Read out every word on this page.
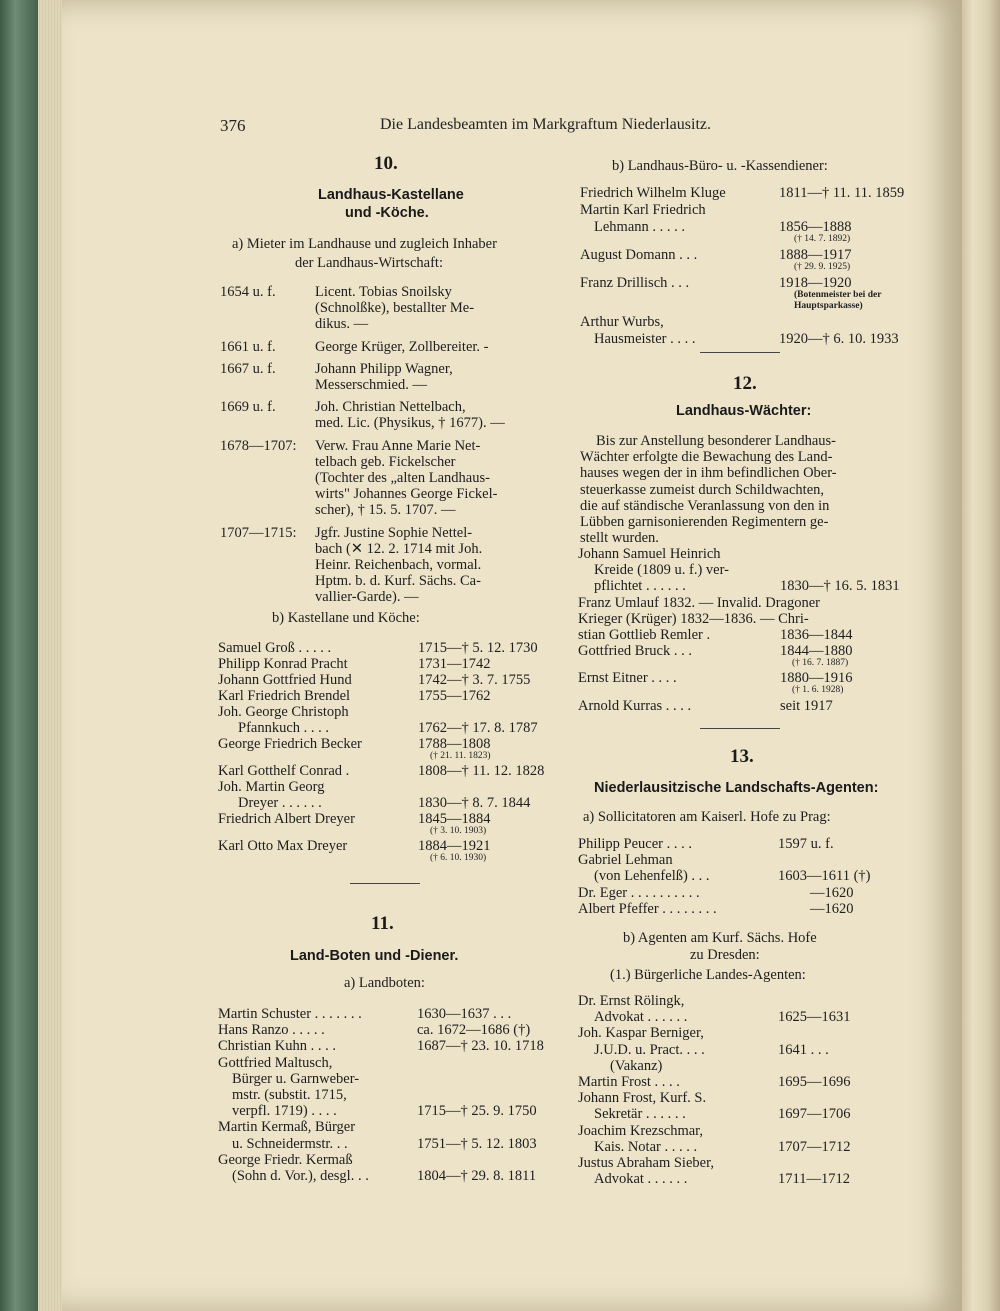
376	Die Landesbeamten im Markgraftum Niederlausitz.
10.
Landhaus-Kastellane
und -Köche.
a) Mieter im Landhause und zugleich Inhaber
der Landhaus-Wirtschaft:
1654 u. f.	Licent. Tobias Snoilsky
(Schnolßke), bestallter Me-
dikus. —
1661 u. f.	George Krüger, Zollbereiter. -
1667 u. f.	Johann Philipp Wagner,
Messerschmied. —
1669 u. f.	Joh. Christian Nettelbach,
med. Lic. (Physikus, † 1677). —
1678—1707: Verw. Frau Anne Marie Net-
telbach geb. Fickelscher
(Tochter des „alten Landhaus-
wirts" Johannes George Fickel-
scher), † 15. 5. 1707. —
1707—1715: Jgfr. Justine Sophie Nettel-
bach (✕ 12. 2. 1714 mit Joh.
Heinr. Reichenbach, vormal.
Hptm. b. d. Kurf. Sächs. Ca-
vallier-Garde). —
b) Kastellane und Köche:
Samuel Groß . . . . .	1715—† 5. 12. 1730
Philipp Konrad Pracht	1731—1742
Johann Gottfried Hund	1742—† 3. 7. 1755
Karl Friedrich Brendel	1755—1762
Joh. George Christoph
Pfannkuch . . . .	1762—† 17. 8. 1787
George Friedrich Becker	1788—1808
(† 21. 11. 1823)
Karl Gotthelf Conrad .	1808—† 11. 12. 1828
Joh. Martin Georg
Dreyer . . . . . .	1830—† 8. 7. 1844
Friedrich Albert Dreyer	1845—1884
(† 3. 10. 1903)
Karl Otto Max Dreyer	1884—1921
(† 6. 10. 1930)
11.
Land-Boten und -Diener.
a) Landboten:
Martin Schuster . . . . . . .	1630—1637 . . .
Hans Ranzo . . . . .	ca. 1672—1686 (†)
Christian Kuhn . . . .	1687—† 23. 10. 1718
Gottfried Maltusch,
Bürger u. Garnweber-
mstr. (substit. 1715,
verpfl. 1719) . . . .	1715—† 25. 9. 1750
Martin Kermaß, Bürger
u. Schneidermstr. . .	1751—† 5. 12. 1803
George Friedr. Kermaß
(Sohn d. Vor.), desgl. . .	1804—† 29. 8. 1811
b) Landhaus-Büro- u. -Kassendiener:
Friedrich Wilhelm Kluge	1811—† 11. 11. 1859
Martin Karl Friedrich
Lehmann . . . . .	1856—1888
(† 14. 7. 1892)
August Domann . . .	1888—1917
(† 29. 9. 1925)
Franz Drillisch . . .	1918—1920
(Botenmeister bei der Hauptsparkasse)
Arthur Wurbs,
Hausmeister . . . .	1920—† 6. 10. 1933
12.
Landhaus-Wächter:
Bis zur Anstellung besonderer Landhaus-
Wächter erfolgte die Bewachung des Land-
hauses wegen der in ihm befindlichen Ober-
steuerkasse zumeist durch Schildwachten,
die auf ständische Veranlassung von den in
Lübben garnisonierenden Regimentern ge-
stellt wurden.
Johann Samuel Heinrich
Kreide (1809 u. f.) ver-
pflichtet . . . . . .	1830—† 16. 5. 1831
Franz Umlauf 1832. — Invalid. Dragoner
Krieger (Krüger) 1832—1836. — Chri-
stian Gottlieb Remler .	1836—1844
Gottfried Bruck . . .	1844—1880
(† 16. 7. 1887)
Ernst Eitner . . . .	1880—1916
(† 1. 6. 1928)
Arnold Kurras . . . .	seit 1917
13.
Niederlausitzische Landschafts-Agenten:
a) Sollicitatoren am Kaiserl. Hofe zu Prag:
Philipp Peucer . . . .	1597 u. f.
Gabriel Lehman
(von Lehenfelß) . . .	1603—1611 (†)
Dr. Eger . . . . . . . . . .	—1620
Albert Pfeffer . . . . . . . .	—1620
b) Agenten am Kurf. Sächs. Hofe
zu Dresden:
(1.) Bürgerliche Landes-Agenten:
Dr. Ernst Rölingk,
Advokat . . . . . .	1625—1631
Joh. Kaspar Berniger,
J.U.D. u. Pract. . . .	1641 . . .
(Vakanz)
Martin Frost . . . .	1695—1696
Johann Frost, Kurf. S.
Sekretär . . . . . .	1697—1706
Joachim Krezschmar,
Kais. Notar . . . . .	1707—1712
Justus Abraham Sieber,
Advokat . . . . . .	1711—1712
